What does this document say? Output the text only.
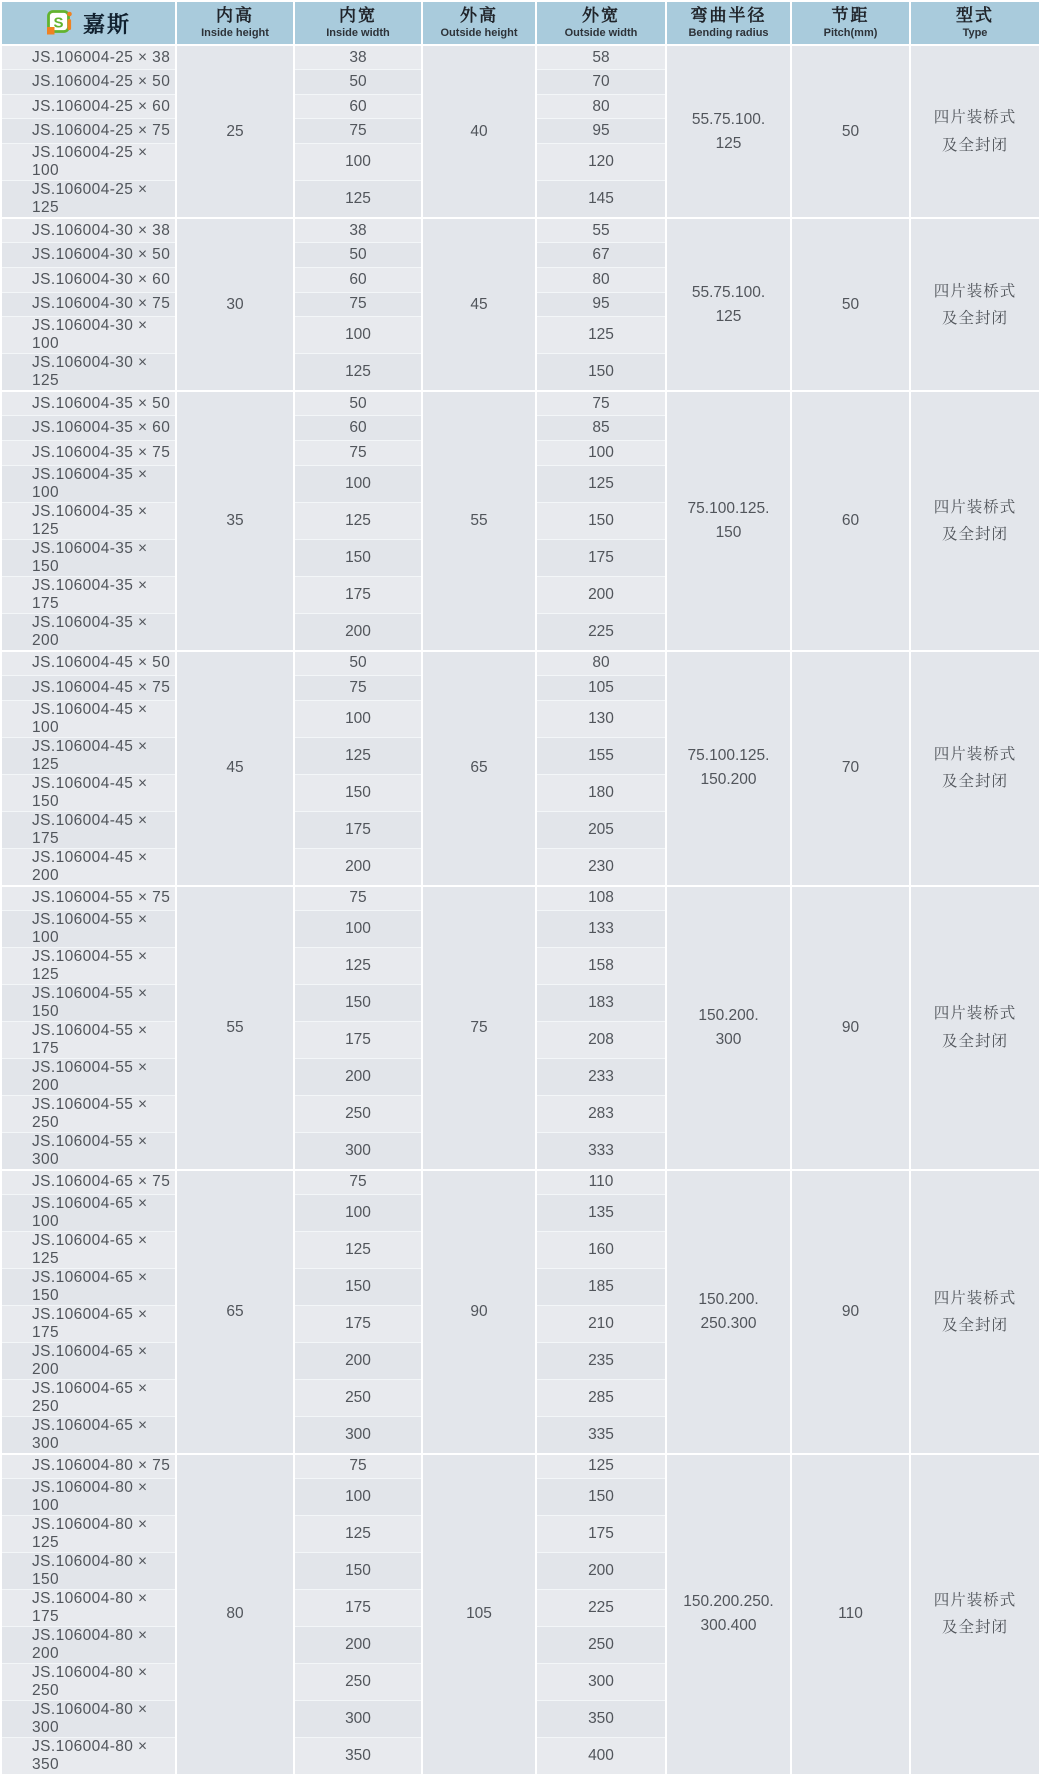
S 嘉斯	内高
Inside height

内宽
Inside width

外高
Outside height

外宽
Outside width

弯曲半径
Bending radius

节距
Pitch(mm)

型式
Type

JS.106004-25 × 38	25	38	40	58	55.75.100.
125	50	四片装桥式
及全封闭
JS.106004-25 × 50		50		70			
JS.106004-25 × 60		60		80			
JS.106004-25 × 75		75		95			
JS.106004-25 × 100		100		120			
JS.106004-25 × 125		125		145			
JS.106004-30 × 38	30	38	45	55	55.75.100.
125	50	四片装桥式
及全封闭
JS.106004-30 × 50		50		67			
JS.106004-30 × 60		60		80			
JS.106004-30 × 75		75		95			
JS.106004-30 × 100		100		125			
JS.106004-30 × 125		125		150			
JS.106004-35 × 50	35	50	55	75	75.100.125.
150	60	四片装桥式
及全封闭
JS.106004-35 × 60		60		85			
JS.106004-35 × 75		75		100			
JS.106004-35 × 100		100		125			
JS.106004-35 × 125		125		150			
JS.106004-35 × 150		150		175			
JS.106004-35 × 175		175		200			
JS.106004-35 × 200		200		225			
JS.106004-45 × 50	45	50	65	80	75.100.125.
150.200	70	四片装桥式
及全封闭
JS.106004-45 × 75		75		105			
JS.106004-45 × 100		100		130			
JS.106004-45 × 125		125		155			
JS.106004-45 × 150		150		180			
JS.106004-45 × 175		175		205			
JS.106004-45 × 200		200		230			
JS.106004-55 × 75	55	75	75	108	150.200.
300	90	四片装桥式
及全封闭
JS.106004-55 × 100		100		133			
JS.106004-55 × 125		125		158			
JS.106004-55 × 150		150		183			
JS.106004-55 × 175		175		208			
JS.106004-55 × 200		200		233			
JS.106004-55 × 250		250		283			
JS.106004-55 × 300		300		333			
JS.106004-65 × 75	65	75	90	110	150.200.
250.300	90	四片装桥式
及全封闭
JS.106004-65 × 100		100		135			
JS.106004-65 × 125		125		160			
JS.106004-65 × 150		150		185			
JS.106004-65 × 175		175		210			
JS.106004-65 × 200		200		235			
JS.106004-65 × 250		250		285			
JS.106004-65 × 300		300		335			
JS.106004-80 × 75	80	75	105	125	150.200.250.
300.400	110	四片装桥式
及全封闭
JS.106004-80 × 100		100		150			
JS.106004-80 × 125		125		175			
JS.106004-80 × 150		150		200			
JS.106004-80 × 175		175		225			
JS.106004-80 × 200		200		250			
JS.106004-80 × 250		250		300			
JS.106004-80 × 300		300		350			
JS.106004-80 × 350		350		400			
